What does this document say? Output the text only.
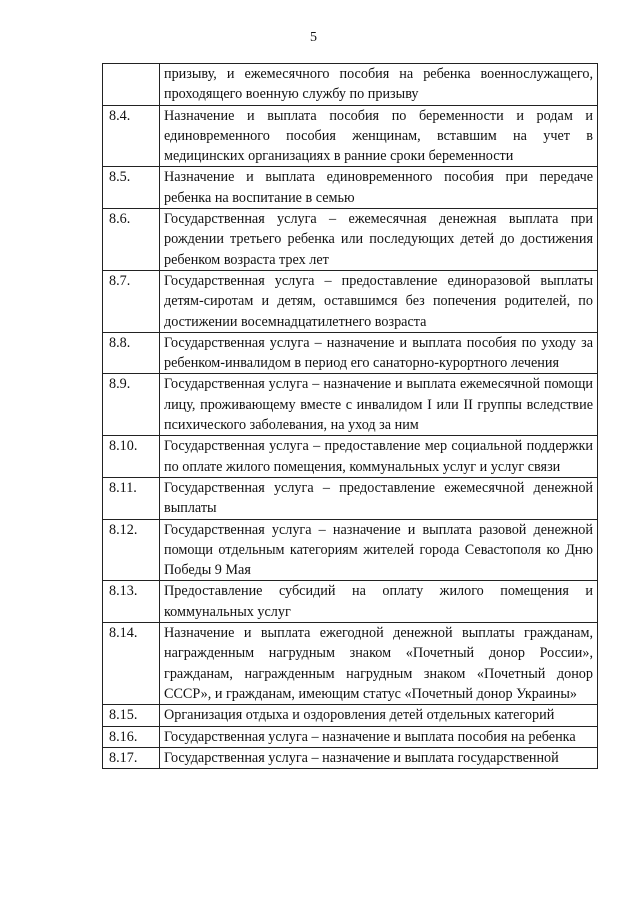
5
	призыву, и ежемесячного пособия на ребенка военнослужащего, проходящего военную службу по призыву
8.4.	Назначение и выплата пособия по беременности и родам и единовременного пособия женщинам, вставшим на учет в медицинских организациях в ранние сроки беременности
8.5.	Назначение и выплата единовременного пособия при передаче ребенка на воспитание в семью
8.6.	Государственная услуга – ежемесячная денежная выплата при рождении третьего ребенка или последующих детей до достижения ребенком возраста трех лет
8.7.	Государственная услуга – предоставление единоразовой выплаты детям-сиротам и детям, оставшимся без попечения родителей, по достижении восемнадцатилетнего возраста
8.8.	Государственная услуга – назначение и выплата пособия по уходу за ребенком-инвалидом в период его санаторно-курортного лечения
8.9.	Государственная услуга – назначение и выплата ежемесячной помощи лицу, проживающему вместе с инвалидом I или II группы вследствие психического заболевания, на уход за ним
8.10.	Государственная услуга – предоставление мер социальной поддержки по оплате жилого помещения, коммунальных услуг и услуг связи
8.11.	Государственная услуга – предоставление ежемесячной денежной выплаты
8.12.	Государственная услуга – назначение и выплата разовой денежной помощи отдельным категориям жителей города Севастополя ко Дню Победы 9 Мая
8.13.	Предоставление субсидий на оплату жилого помещения и коммунальных услуг
8.14.	Назначение и выплата ежегодной денежной выплаты гражданам, награжденным нагрудным знаком «Почетный донор России», гражданам, награжденным нагрудным знаком «Почетный донор СССР», и гражданам, имеющим статус «Почетный донор Украины»
8.15.	Организация отдыха и оздоровления детей отдельных категорий
8.16.	Государственная услуга – назначение и выплата пособия на ребенка
8.17.	Государственная услуга – назначение и выплата государственной
